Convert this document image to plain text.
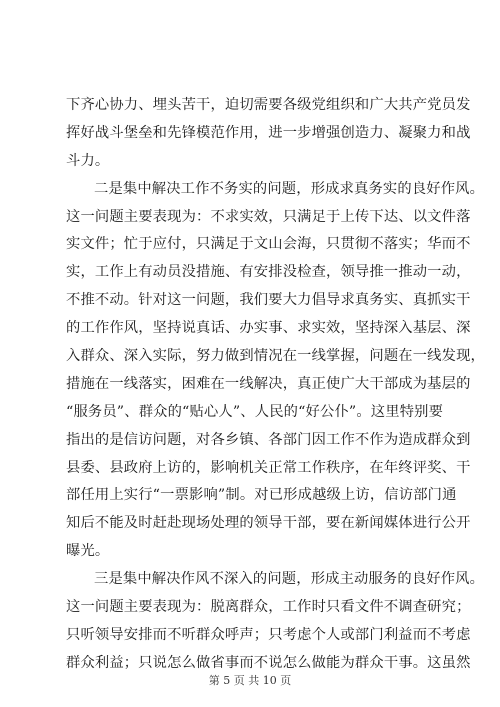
下齐心协力、埋头苦干，迫切需要各级党组织和广大共产党员发
挥好战斗堡垒和先锋模范作用，进一步增强创造力、凝聚力和战
斗力。
二是集中解决工作不务实的问题，形成求真务实的良好作风。
这一问题主要表现为：不求实效，只满足于上传下达、以文件落
实文件；忙于应付，只满足于文山会海，只贯彻不落实；华而不
实，工作上有动员没措施、有安排没检查，领导推一推动一动，
不推不动。针对这一问题，我们要大力倡导求真务实、真抓实干
的工作作风，坚持说真话、办实事、求实效，坚持深入基层、深
入群众、深入实际，努力做到情况在一线掌握，问题在一线发现，
措施在一线落实，困难在一线解决，真正使广大干部成为基层的
“服务员”、群众的“贴心人”、人民的“好公仆”。这里特别要
指出的是信访问题，对各乡镇、各部门因工作不作为造成群众到
县委、县政府上访的，影响机关正常工作秩序，在年终评奖、干
部任用上实行“一票影响”制。对已形成越级上访，信访部门通
知后不能及时赶赴现场处理的领导干部，要在新闻媒体进行公开
曝光。
三是集中解决作风不深入的问题，形成主动服务的良好作风。
这一问题主要表现为：脱离群众，工作时只看文件不调查研究；
只听领导安排而不听群众呼声；只考虑个人或部门利益而不考虑
群众利益；只说怎么做省事而不说怎么做能为群众干事。这虽然
第 5 页 共 10 页
